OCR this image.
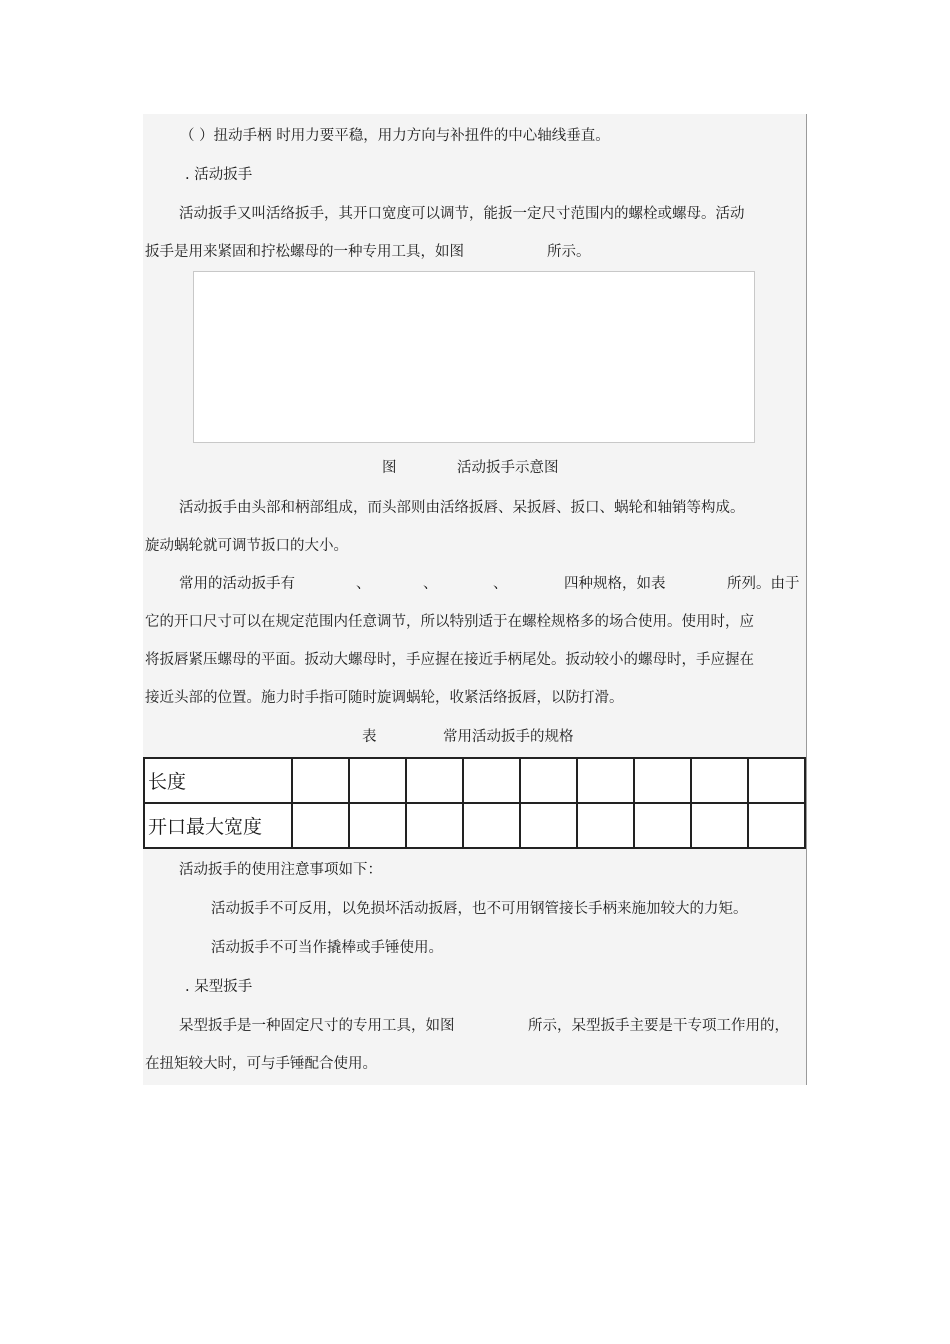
（ ）扭动手柄 时用力要平稳，用力方向与补扭件的中心轴线垂直。
. 活动扳手
活动扳手又叫活络扳手，其开口宽度可以调节，能扳一定尺寸范围内的螺栓或螺母。活动
扳手是用来紧固和拧松螺母的一种专用工具，如图	所示。
图	活动扳手示意图
活动扳手由头部和柄部组成，而头部则由活络扳唇、呆扳唇、扳口、蜗轮和轴销等构成。
旋动蜗轮就可调节扳口的大小。
常用的活动扳手有	、	、	、	四种规格，如表	所列。由于
它的开口尺寸可以在规定范围内任意调节，所以特别适于在螺栓规格多的场合使用。使用时，应
将扳唇紧压螺母的平面。扳动大螺母时，手应握在接近手柄尾处。扳动较小的螺母时，手应握在
接近头部的位置。施力时手指可随时旋调蜗轮，收紧活络扳唇，以防打滑。
表	常用活动扳手的规格
长度									
开口最大宽度									
活动扳手的使用注意事项如下：
活动扳手不可反用，以免损坏活动扳唇，也不可用钢管接长手柄来施加较大的力矩。
活动扳手不可当作撬棒或手锤使用。
. 呆型扳手
呆型扳手是一种固定尺寸的专用工具，如图	所示，呆型扳手主要是干专项工作用的，
在扭矩较大时，可与手锤配合使用。
